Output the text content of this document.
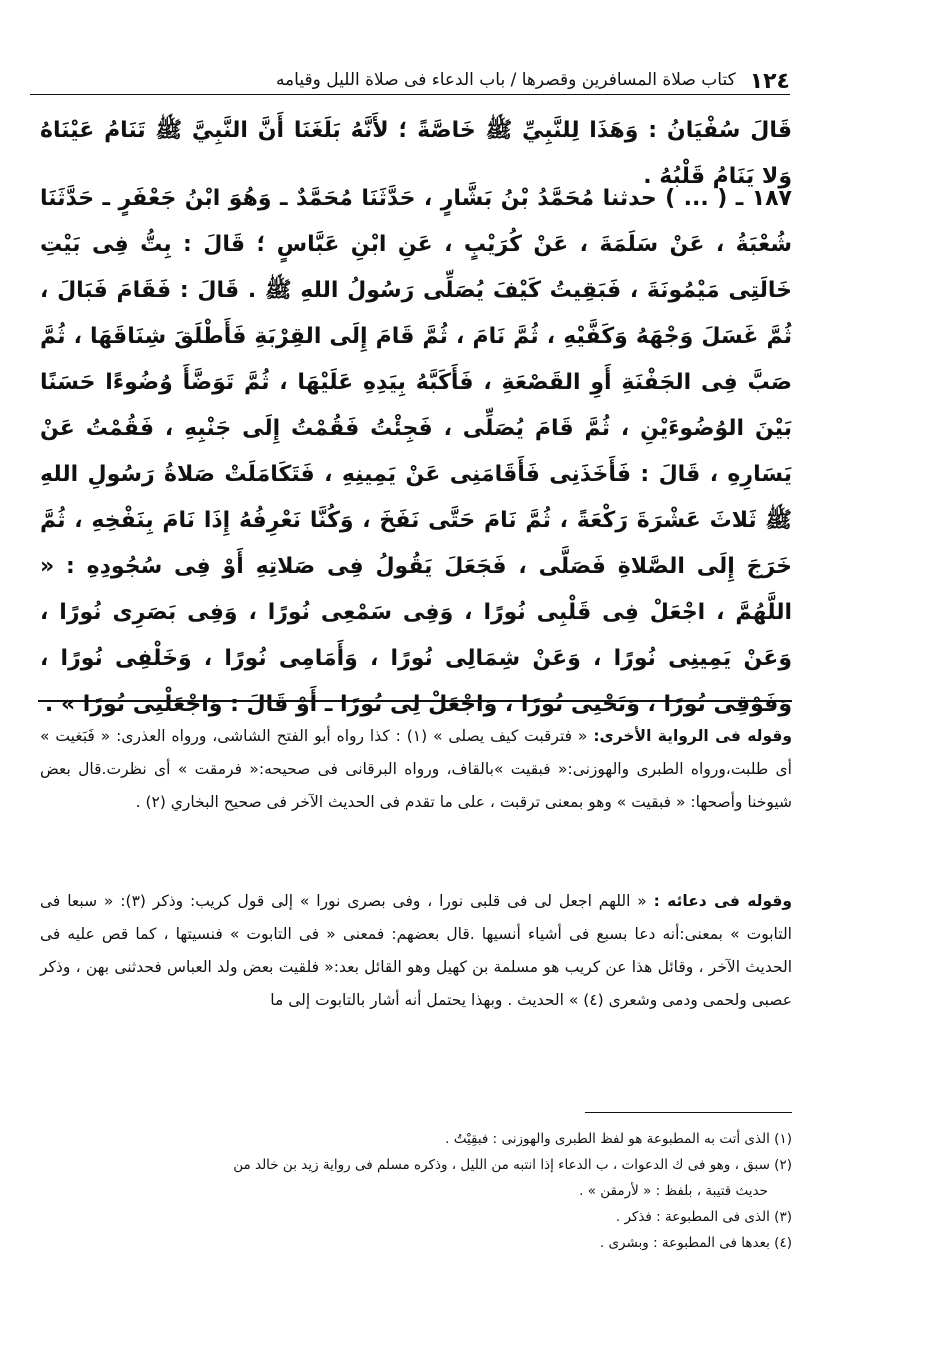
١٢٤
كتاب صلاة المسافرين وقصرها / باب الدعاء فى صلاة الليل وقيامه
قَالَ سُفْيَانُ : وَهَذَا لِلنَّبِيِّ ﷺ خَاصَّةً ؛ لأَنَّهُ بَلَغَنَا أَنَّ النَّبِيَّ ﷺ تَنَامُ عَيْنَاهُ وَلا يَنَامُ قَلْبُهُ .
١٨٧ ـ ( ... ) حدثنا مُحَمَّدُ بْنُ بَشَّارٍ ، حَدَّثَنَا مُحَمَّدٌ ـ وَهُوَ ابْنُ جَعْفَرٍ ـ حَدَّثَنَا شُعْبَةُ ، عَنْ سَلَمَةَ ، عَنْ كُرَيْبٍ ، عَنِ ابْنِ عَبَّاسٍ ؛ قَالَ : بِتُّ فِى بَيْتِ خَالَتِى مَيْمُونَةَ ، فَبَقِيتُ كَيْفَ يُصَلِّى رَسُولُ اللهِ ﷺ . قَالَ : فَقَامَ فَبَالَ ، ثُمَّ غَسَلَ وَجْهَهُ وَكَفَّيْهِ ، ثُمَّ نَامَ ، ثُمَّ قَامَ إِلَى القِرْبَةِ فَأَطْلَقَ شِنَاقَهَا ، ثُمَّ صَبَّ فِى الجَفْنَةِ أَوِ القَصْعَةِ ، فَأَكَبَّهُ بِيَدِهِ عَلَيْهَا ، ثُمَّ تَوَضَّأَ وُضُوءًا حَسَنًا بَيْنَ الوُضُوءَيْنِ ، ثُمَّ قَامَ يُصَلِّى ، فَجِئْتُ فَقُمْتُ إِلَى جَنْبِهِ ، فَقُمْتُ عَنْ يَسَارِهِ ، قَالَ : فَأَخَذَنِى فَأَقَامَنِى عَنْ يَمِينِهِ ، فَتَكَامَلَتْ صَلاةُ رَسُولِ اللهِ ﷺ ثَلاثَ عَشْرَةَ رَكْعَةً ، ثُمَّ نَامَ حَتَّى نَفَخَ ، وَكُنَّا نَعْرِفُهُ إِذَا نَامَ بِنَفْخِهِ ، ثُمَّ خَرَجَ إِلَى الصَّلاةِ فَصَلَّى ، فَجَعَلَ يَقُولُ فِى صَلاتِهِ أَوْ فِى سُجُودِهِ : « اللَّهُمَّ ، اجْعَلْ فِى قَلْبِى نُورًا ، وَفِى سَمْعِى نُورًا ، وَفِى بَصَرِى نُورًا ، وَعَنْ يَمِينِى نُورًا ، وَعَنْ شِمَالِى نُورًا ، وَأَمَامِى نُورًا ، وَخَلْفِى نُورًا ، وَفَوْقِى نُورًا ، وَتَحْتِى نُورًا ، وَاجْعَلْ لِى نُورًا ـ أَوْ قَالَ : وَاجْعَلْنِى نُورًا » .
وقوله فى الرواية الأخرى: « فترقبت كيف يصلى » (١) : كذا رواه أبو الفتح الشاشى، ورواه العذرى: « فَبَغيت » أى طلبت،ورواه الطبرى والهوزنى:« فبقيت »بالقاف، ورواه البرقانى فى صحيحه:« فرمقت » أى نظرت.قال بعض شيوخنا وأصحها: « فبقيت » وهو بمعنى ترقبت ، على ما تقدم فى الحديث الآخر فى صحيح البخاري (٢) .
وقوله فى دعائه : « اللهم اجعل لى فى قلبى نورا ، وفى بصرى نورا » إلى قول كريب: وذكر (٣): « سبعا فى التابوت » بمعنى:أنه دعا بسبع فى أشياء أنسيها .قال بعضهم: فمعنى « فى التابوت » فنسيتها ، كما قص عليه فى الحديث الآخر ، وقائل هذا عن كريب هو مسلمة بن كهيل وهو القائل بعد:« فلقيت بعض ولد العباس فحدثنى بهن ، وذكر عصبى ولحمى ودمى وشعرى (٤) » الحديث . وبهذا يحتمل أنه أشار بالتابوت إلى ما

(١) الذى أتت به المطبوعة هو لفظ الطبرى والهوزنى : فبقِيْتُ .

(٢) سبق ، وهو فى ك الدعوات ، ب الدعاء إذا انتبه من الليل ، وذكره مسلم فى رواية زيد بن خالد من

حديث قتيبة ، بلفظ : « لأرمقن » .

(٣) الذى فى المطبوعة : فذكر .

(٤) بعدها فى المطبوعة : وبشرى .
